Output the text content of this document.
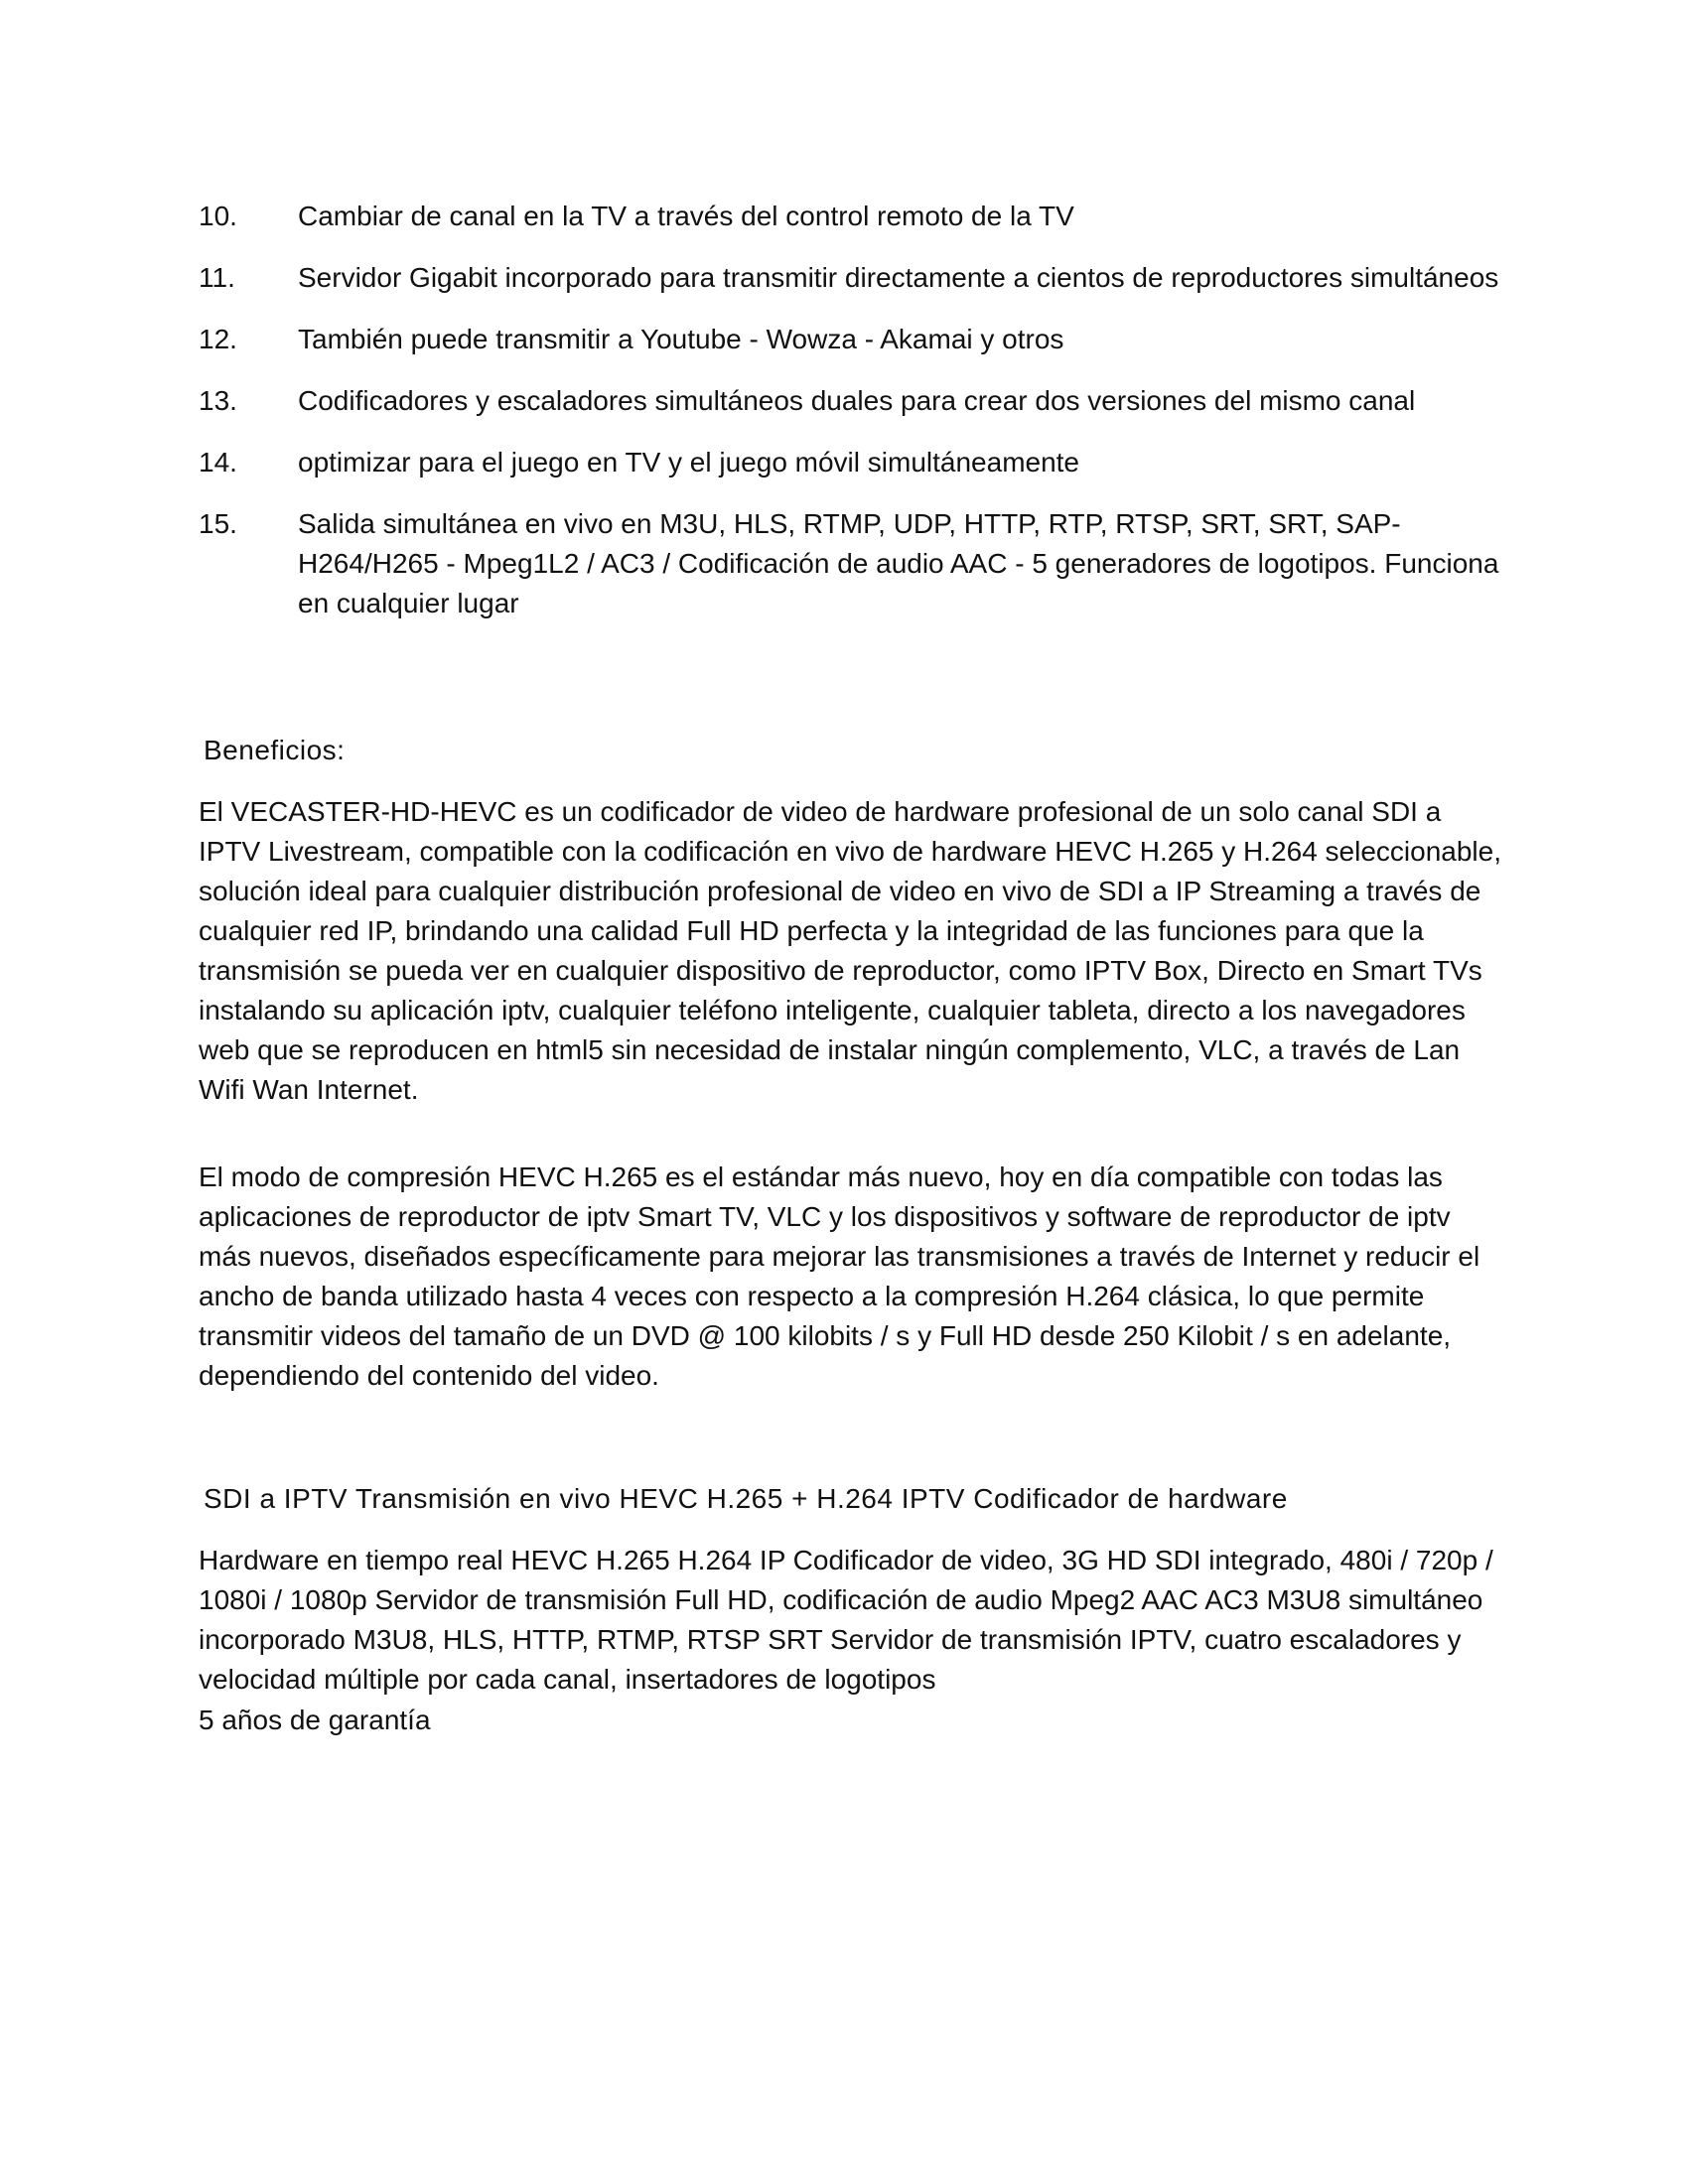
10.	Cambiar de canal en la TV a través del control remoto de la TV
11.	Servidor Gigabit incorporado para transmitir directamente a cientos de reproductores simultáneos
12.	También puede transmitir a Youtube - Wowza - Akamai y otros
13.	Codificadores y escaladores simultáneos duales para crear dos versiones del mismo canal
14.	optimizar para el juego en TV y el juego móvil simultáneamente
15.	Salida simultánea en vivo en M3U, HLS, RTMP, UDP, HTTP, RTP, RTSP, SRT, SRT, SAP- H264/H265 - Mpeg1L2 / AC3 / Codificación de audio AAC - 5 generadores de logotipos. Funciona en cualquier lugar
Beneficios:

El VECASTER-HD-HEVC es un codificador de video de hardware profesional de un solo canal SDI a IPTV Livestream, compatible con la codificación en vivo de hardware HEVC H.265 y H.264 seleccionable, solución ideal para cualquier distribución profesional de video en vivo de SDI a IP Streaming a través de cualquier red IP, brindando una calidad Full HD perfecta y la integridad de las funciones para que la transmisión se pueda ver en cualquier dispositivo de reproductor, como IPTV Box, Directo en Smart TVs instalando su aplicación iptv, cualquier teléfono inteligente, cualquier tableta, directo a los navegadores web que se reproducen en html5 sin necesidad de instalar ningún complemento, VLC, a través de Lan Wifi Wan Internet.

El modo de compresión HEVC H.265 es el estándar más nuevo, hoy en día compatible con todas las aplicaciones de reproductor de iptv Smart TV, VLC y los dispositivos y software de reproductor de iptv más nuevos, diseñados específicamente para mejorar las transmisiones a través de Internet y reducir el ancho de banda utilizado hasta 4 veces con respecto a la compresión H.264 clásica, lo que permite transmitir videos del tamaño de un DVD @ 100 kilobits / s y Full HD desde 250 Kilobit / s en adelante, dependiendo del contenido del video.

SDI a IPTV Transmisión en vivo HEVC H.265 + H.264 IPTV Codificador de hardware

Hardware en tiempo real HEVC H.265 H.264 IP Codificador de video, 3G HD SDI integrado, 480i / 720p / 1080i / 1080p Servidor de transmisión Full HD, codificación de audio Mpeg2 AAC AC3 M3U8 simultáneo incorporado M3U8, HLS, HTTP, RTMP, RTSP SRT Servidor de transmisión IPTV, cuatro escaladores y velocidad múltiple por cada canal, insertadores de logotipos

5 años de garantía
